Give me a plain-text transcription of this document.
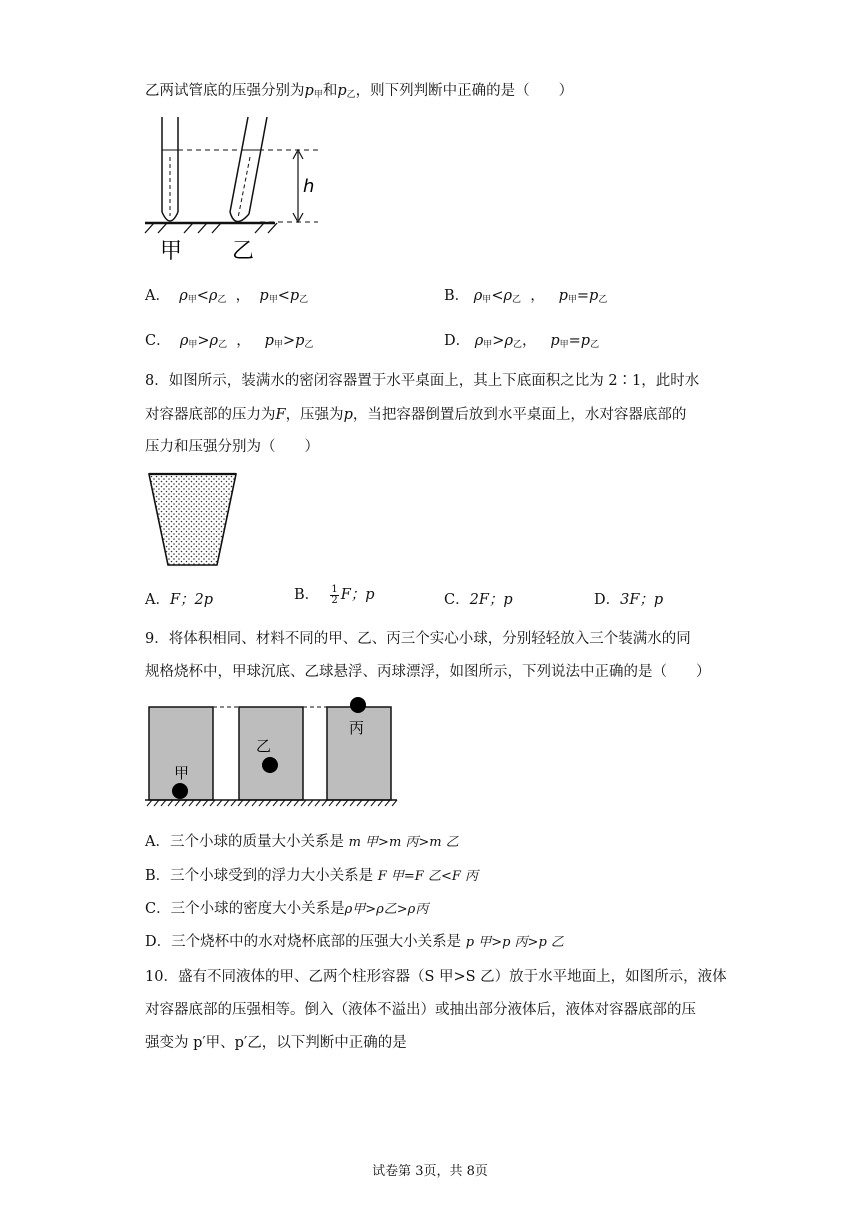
乙两试管底的压强分别为$p_甲$和$p_乙$，则下列判断中正确的是（　　）
h
甲 乙
A． $\rho_甲<\rho_乙$  ，  $p_甲<p_乙$	B． $\rho_甲<\rho_乙$  ，   $p_甲=p_乙$
C． $\rho_甲>\rho_乙$  ，   $p_甲>p_乙$	D． $\rho_甲>\rho_乙$，   $p_甲=p_乙$
8．如图所示，装满水的密闭容器置于水平桌面上，其上下底面积之比为 2∶1，此时水
对容器底部的压力为F，压强为p，当把容器倒置后放到水平桌面上，水对容器底部的
压力和压强分别为（　　）
A．F；2p	B． $\frac{1}{2}$ F；p	C．2F；p	D．3F；p
9．将体积相同、材料不同的甲、乙、丙三个实心小球，分别轻轻放入三个装满水的同
规格烧杯中，甲球沉底、乙球悬浮、丙球漂浮，如图所示，下列说法中正确的是（　　）
甲
乙
丙
A．三个小球的质量大小关系是 m 甲>m 丙>m 乙
B．三个小球受到的浮力大小关系是 F 甲=F 乙<F 丙
C．三个小球的密度大小关系是ρ甲>ρ乙>ρ丙
D．三个烧杯中的水对烧杯底部的压强大小关系是 p 甲>p 丙>p 乙
10．盛有不同液体的甲、乙两个柱形容器（S 甲>S 乙）放于水平地面上，如图所示，液体
对容器底部的压强相等。倒入（液体不溢出）或抽出部分液体后，液体对容器底部的压
强变为 p′甲、p′乙，以下判断中正确的是
试卷第 3页，共 8页
